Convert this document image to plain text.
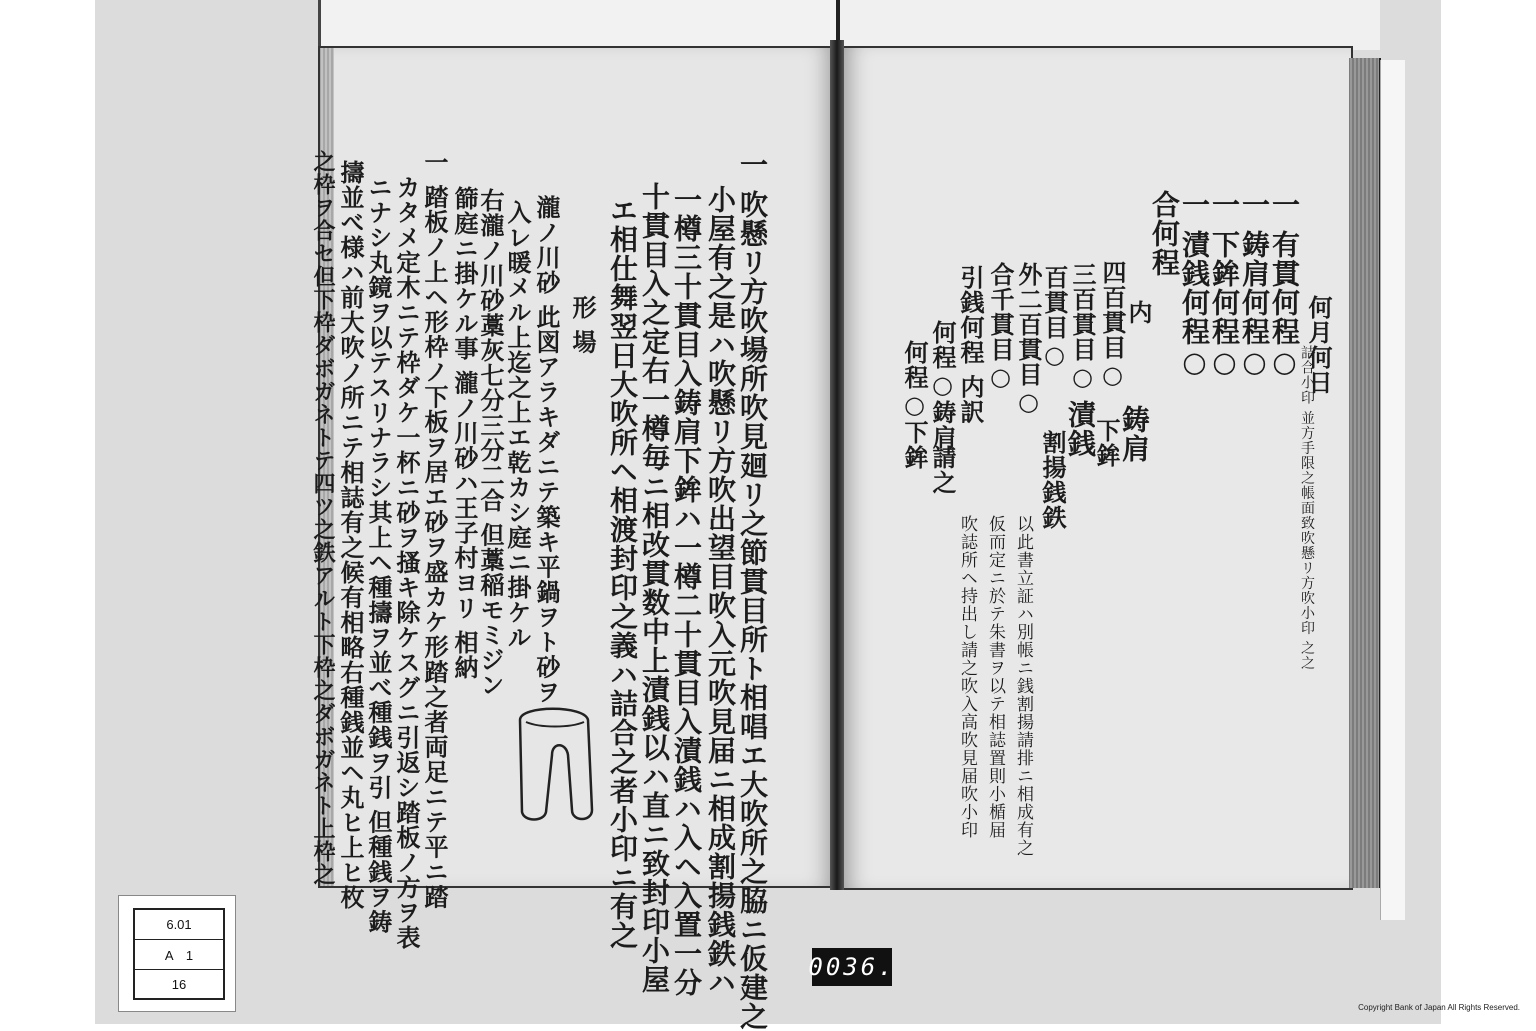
一 吹懸リ方吹場所吹見廻リ之節貫目所ト相唱エ大吹所之脇ニ仮建之
小屋有之是ハ吹懸リ方吹出望目吹入元吹見届ニ相成割揚銭鉄ハ
一樽三十貫目入鋳肩下鉾ハ一樽二十貫目入漬銭ハ入ヘ入置一分
十貫目入之定右一樽毎ニ相改貫数中上漬銭以ハ直ニ致封印小屋
エ相仕舞翌日大吹所ヘ相渡封印之義ハ詰合之者小印ニ有之
形 場
瀧ノ川砂 此図アラキダニテ築キ平鍋ヲト砂ヲ
入レ暖メル上迄之上エ乾カシ庭ニ掛ケル
右瀧ノ川砂藁灰七分三分二合 但藁稲モミジン
篩庭ニ掛ケル事 瀧ノ川砂ハ王子村ヨリ 相納
一 踏板ノ上ヘ形枠ノ下板ヲ居エ砂ヲ盛カケ形踏之者両足ニテ平ニ踏
カタメ定木ニテ枠ダケ一杯ニ砂ヲ搔キ除ケスグニ引返シ踏板ノ方ヲ表
ニナシ丸鏡ヲ以テスリナラシ其上ヘ種擣ヲ並べ種銭ヲ引 但種銭ヲ鋳
擣並べ様ハ前大吹ノ所ニテ相誌有之候有相略右種銭並ヘ丸ヒ上ヒ枚
之枠ヲ合セ但下枠ダボガネトテ四ツ之鉄アルト下枠之ダボガネト上枠之	何月何日
詰合小印 並方手限之帳面致吹懸リ方吹小印 之之
一 有貫何程○
一 鋳肩何程○
一 下鉾何程○
一 漬銭何程○
合何程
内
四百貫目○
三百貫目○
百貫目○
外二百貫目○
合千貫目○
引銭何程 内訳
何程○鋳肩
何程○下鉾	鋳肩
下鉾
漬銭
割揚銭鉄
以此書立証ハ別帳ニ銭割揚請排ニ相成有之
仮而定ニ於テ朱書ヲ以テ相誌置則小楯届
吹誌所ヘ持出し請之吹入高吹見届吹小印
請之
6.01
A　1
16
0036.
Copyright Bank of Japan All Rights Reserved.
